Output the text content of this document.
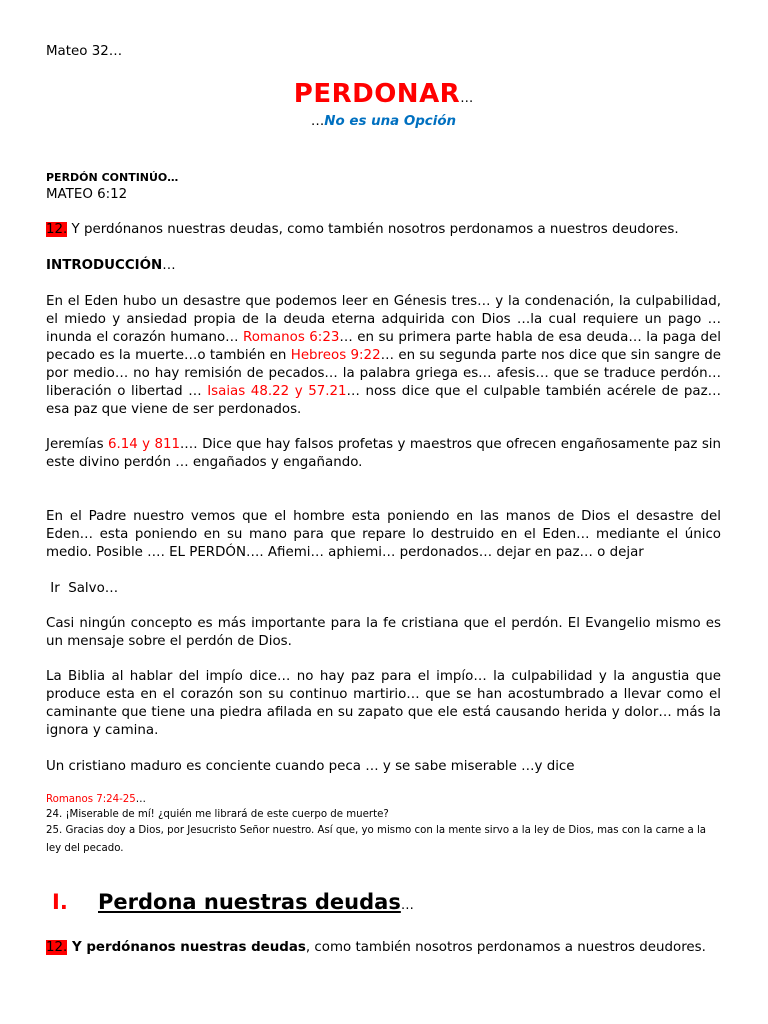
Mateo 32…

PERDONAR…
…No es una Opción

PERDÓN CONTINÚO…

MATEO 6:12

12. Y perdónanos nuestras deudas, como también nosotros perdonamos a nuestros deudores.

INTRODUCCIÓN…

En el Eden hubo un desastre que podemos leer en Génesis tres… y la condenación, la culpabilidad, el miedo y ansiedad propia de la deuda eterna adquirida con Dios …la cual requiere un pago … inunda el corazón humano… Romanos 6:23… en su primera parte habla de esa deuda… la paga del pecado es la muerte…o también en Hebreos 9:22… en su segunda parte nos dice que sin sangre de por medio… no hay remisión de pecados… la palabra griega es… afesis… que se traduce perdón… liberación o libertad … Isaias 48.22 y 57.21… noss dice que el culpable también acérele de paz… esa paz que viene de ser perdonados.

Jeremías 6.14 y 811.… Dice que hay falsos profetas y maestros que ofrecen engañosamente paz sin este divino perdón … engañados y engañando.

En el Padre nuestro vemos que el hombre esta poniendo en las manos de Dios el desastre del Eden… esta poniendo en su mano para que repare lo destruido en el Eden… mediante el único medio. Posible …. EL PERDÓN…. Afiemi… aphiemi… perdonados… dejar en paz… o dejar

Ir  Salvo…

Casi ningún concepto es más importante para la fe cristiana que el perdón. El Evangelio mismo es un mensaje sobre el perdón de Dios.

La Biblia al hablar del impío dice… no hay paz para el impío… la culpabilidad y la angustia que produce esta en el corazón son su continuo martirio… que se han acostumbrado a llevar como el caminante que tiene una piedra afilada en su zapato que ele está causando herida y dolor… más la ignora y camina.

Un cristiano maduro es conciente cuando peca … y se sabe miserable …y dice

Romanos 7:24-25…

24. ¡Miserable de mí! ¿quién me librará de este cuerpo de muerte?

25. Gracias doy a Dios, por Jesucristo Señor nuestro. Así que, yo mismo con la mente sirvo a la ley de Dios, mas con la carne a la ley del pecado.

I.	Perdona nuestras deudas …

12. Y perdónanos nuestras deudas, como también nosotros perdonamos a nuestros deudores.
